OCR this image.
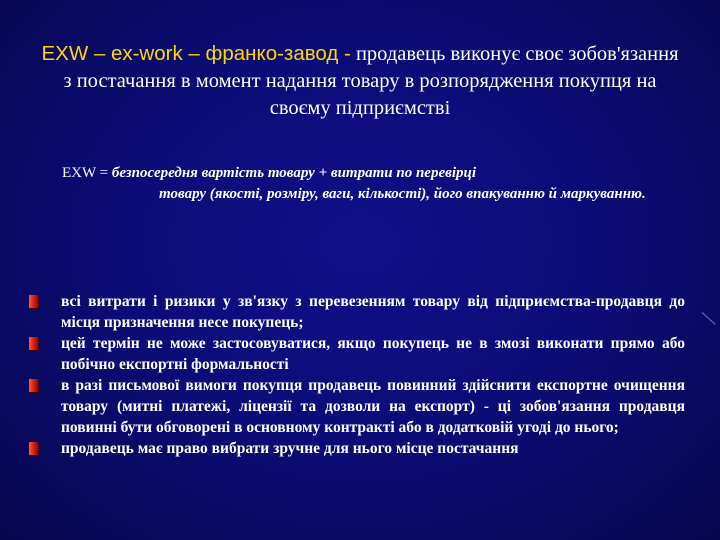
EXW – ex-work – франко-завод - продавець виконує своє зобов'язання з постачання в момент надання товару в розпорядження покупця на своєму підприємстві
EXW = безпосередня вартість товару + витрати по перевірці
товару (якості, розміру, ваги, кількості), його впакуванню й маркуванню.
всі витрати і ризики у зв'язку з перевезенням товару від підприємства-продавця до місця призначення несе покупець;
цей термін не може застосовуватися, якщо покупець не в змозі виконати прямо або побічно експортні формальності
в разі письмової вимоги покупця продавець повинний здійснити експортне очищення товару (митні платежі, ліцензії та дозволи на експорт) - ці зобов'язання продавця повинні бути обговорені в основному контракті або в додатковій угоді до нього;
продавець має право вибрати зручне для нього місце постачання
